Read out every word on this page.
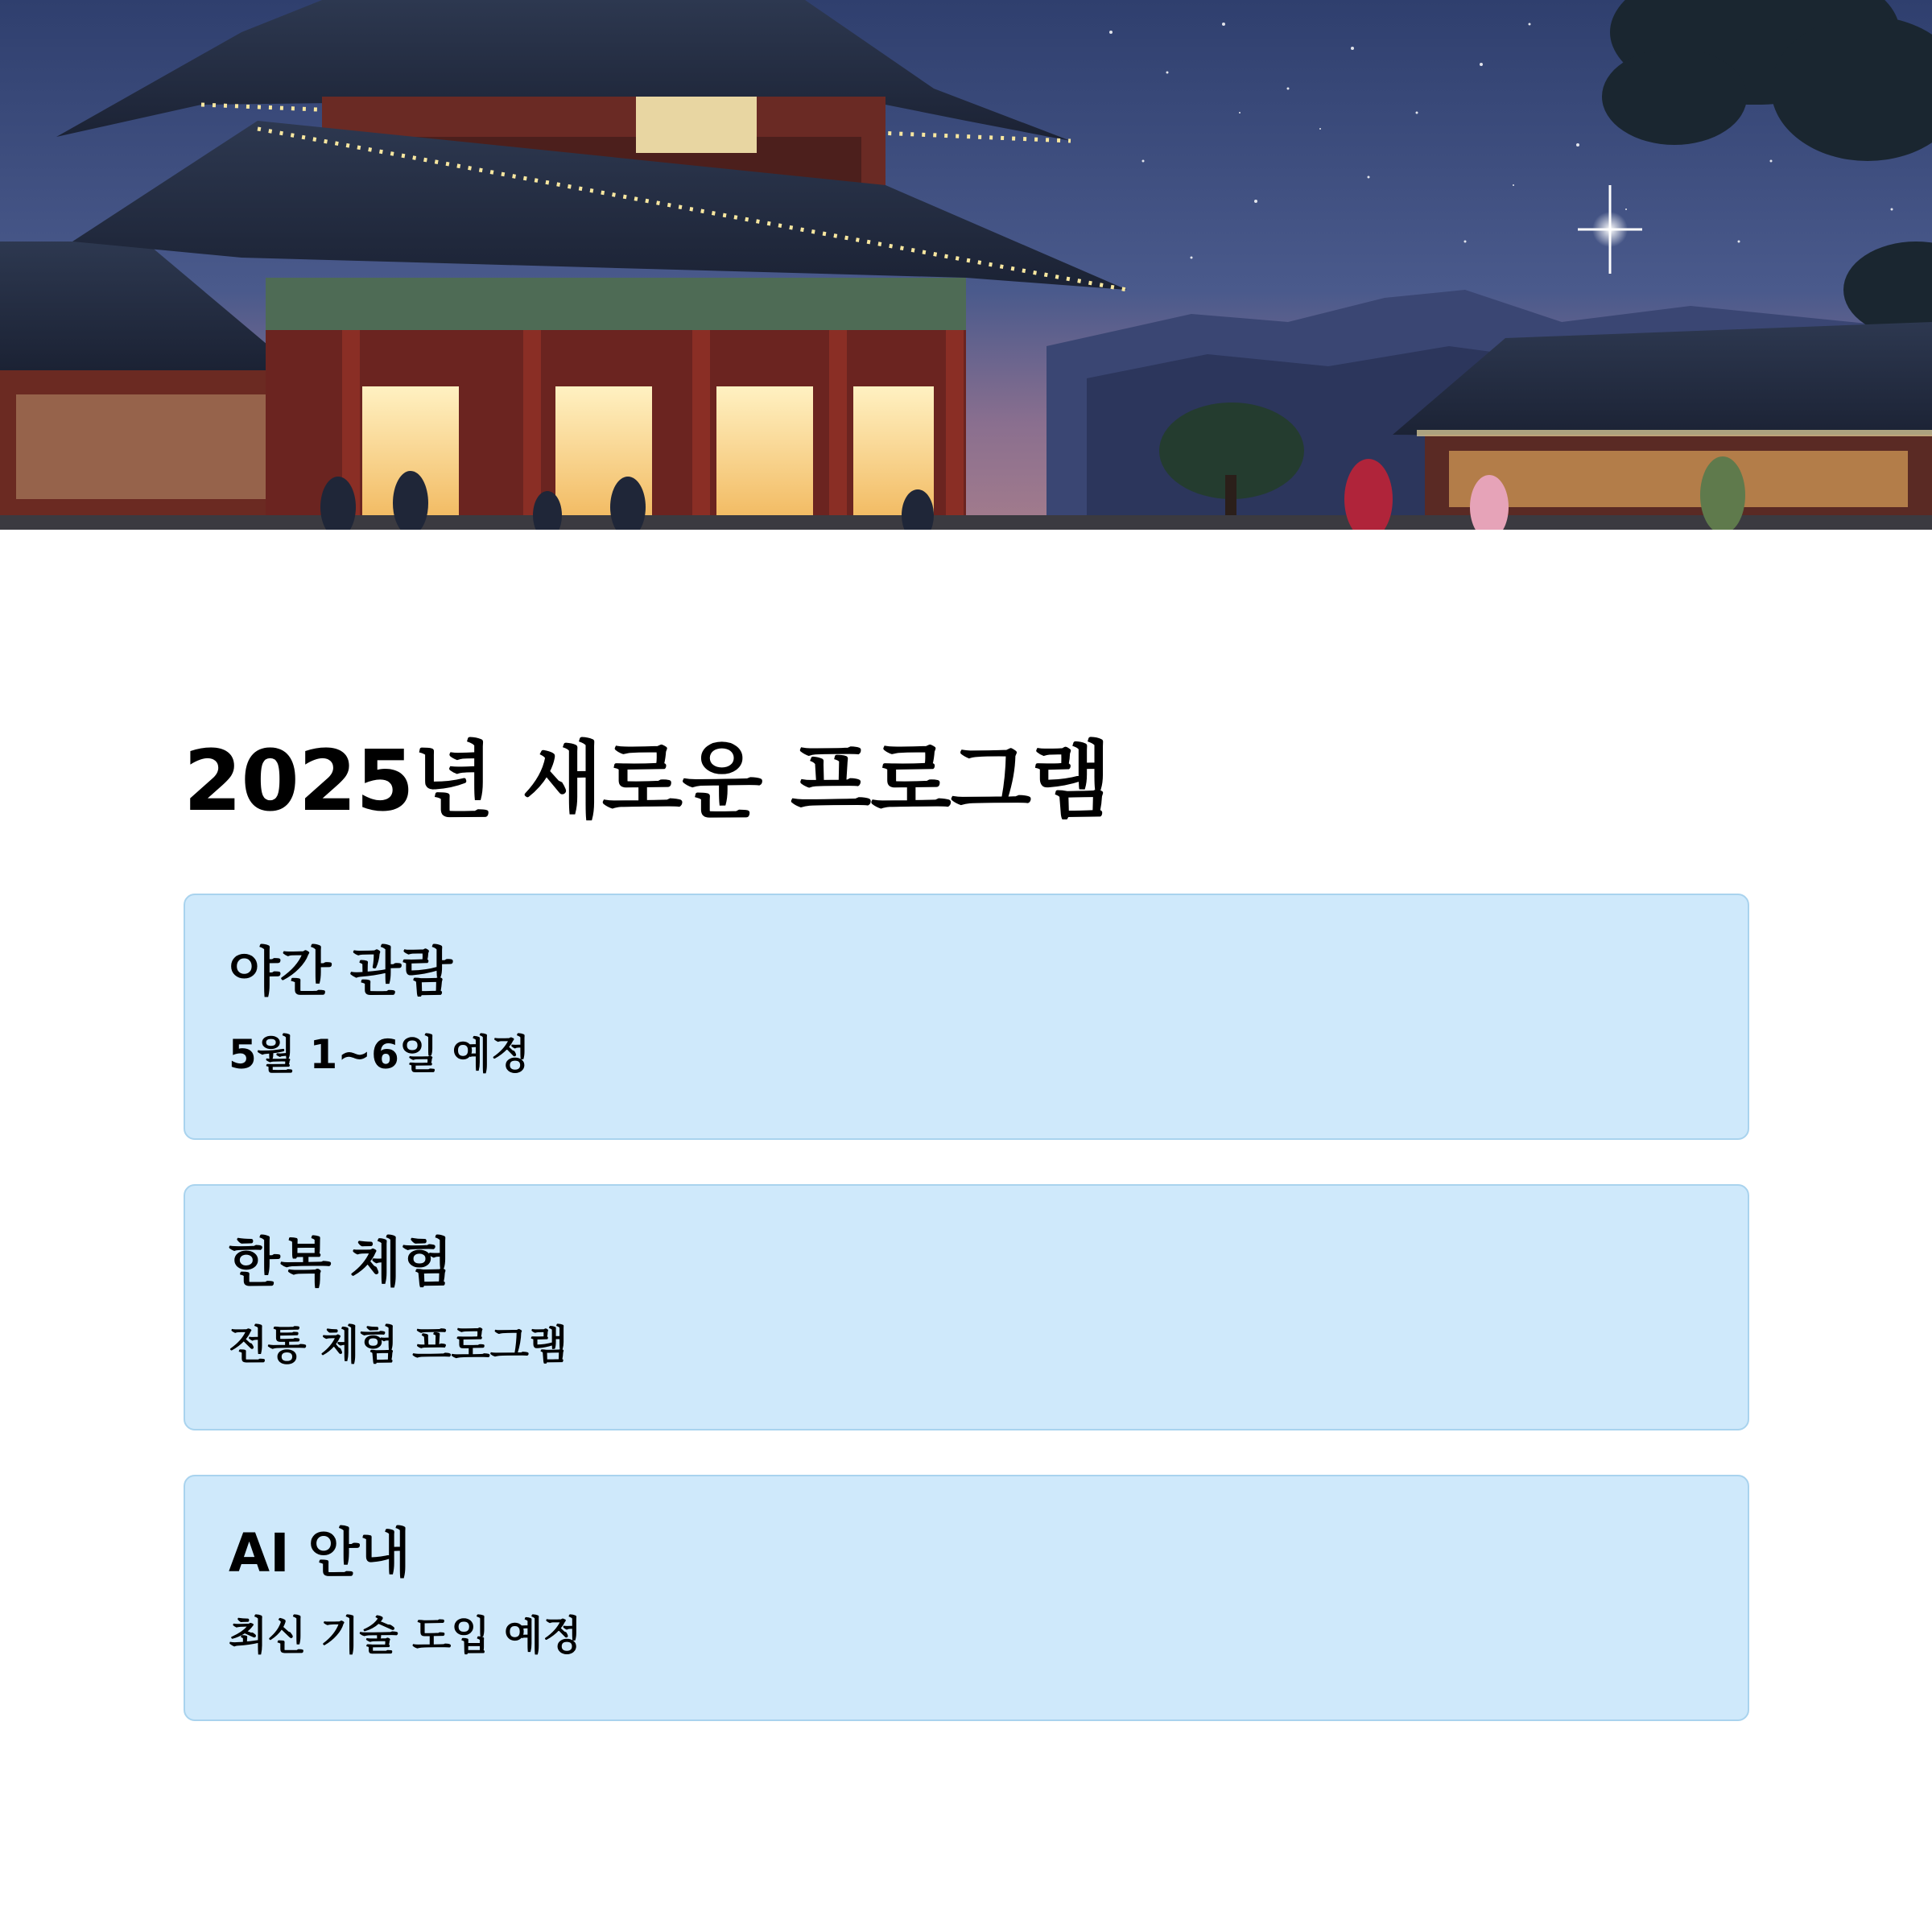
2025년 새로운 프로그램
야간 관람
5월 1~6일 예정
한복 체험
전통 체험 프로그램
AI 안내
최신 기술 도입 예정
